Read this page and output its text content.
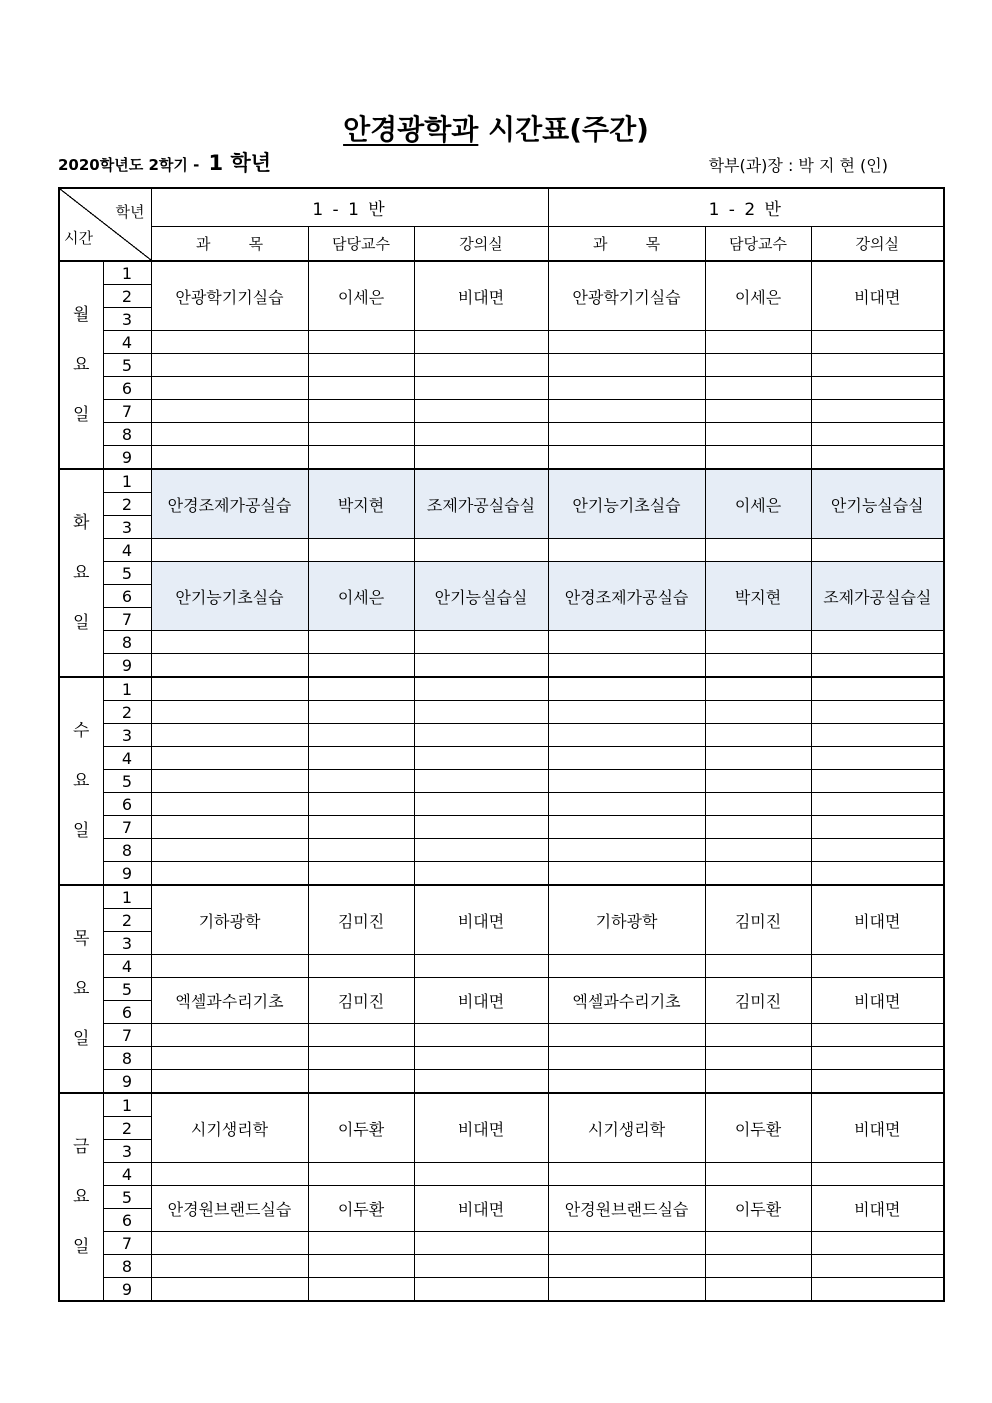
안경광학과 시간표(주간)
2020학년도 2학기 - 1 학년	학부(과)장 : 박 지 현 (인)
학년
시간		1 - 1 반			1 - 2 반		
		과        목	담당교수	강의실	과        목	담당교수	강의실

월
요
일	1	안광학기기실습	이세은	비대면	안광학기기실습	이세은	비대면
	2						
	3						
	4						
	5						
	6						
	7						
	8						
	9						

화
요
일	1	안경조제가공실습	박지현	조제가공실습실	안기능기초실습	이세은	안기능실습실
	2						
	3						
	4						
	5	안기능기초실습	이세은	안기능실습실	안경조제가공실습	박지현	조제가공실습실
	6						
	7						
	8						
	9						

수
요
일	1						
	2						
	3						
	4						
	5						
	6						
	7						
	8						
	9						

목
요
일	1	기하광학	김미진	비대면	기하광학	김미진	비대면
	2						
	3						
	4						
	5	엑셀과수리기초	김미진	비대면	엑셀과수리기초	김미진	비대면
	6						
	7						
	8						
	9						

금
요
일	1	시기생리학	이두환	비대면	시기생리학	이두환	비대면
	2						
	3						
	4						
	5	안경원브랜드실습	이두환	비대면	안경원브랜드실습	이두환	비대면
	6						
	7						
	8						
	9						
